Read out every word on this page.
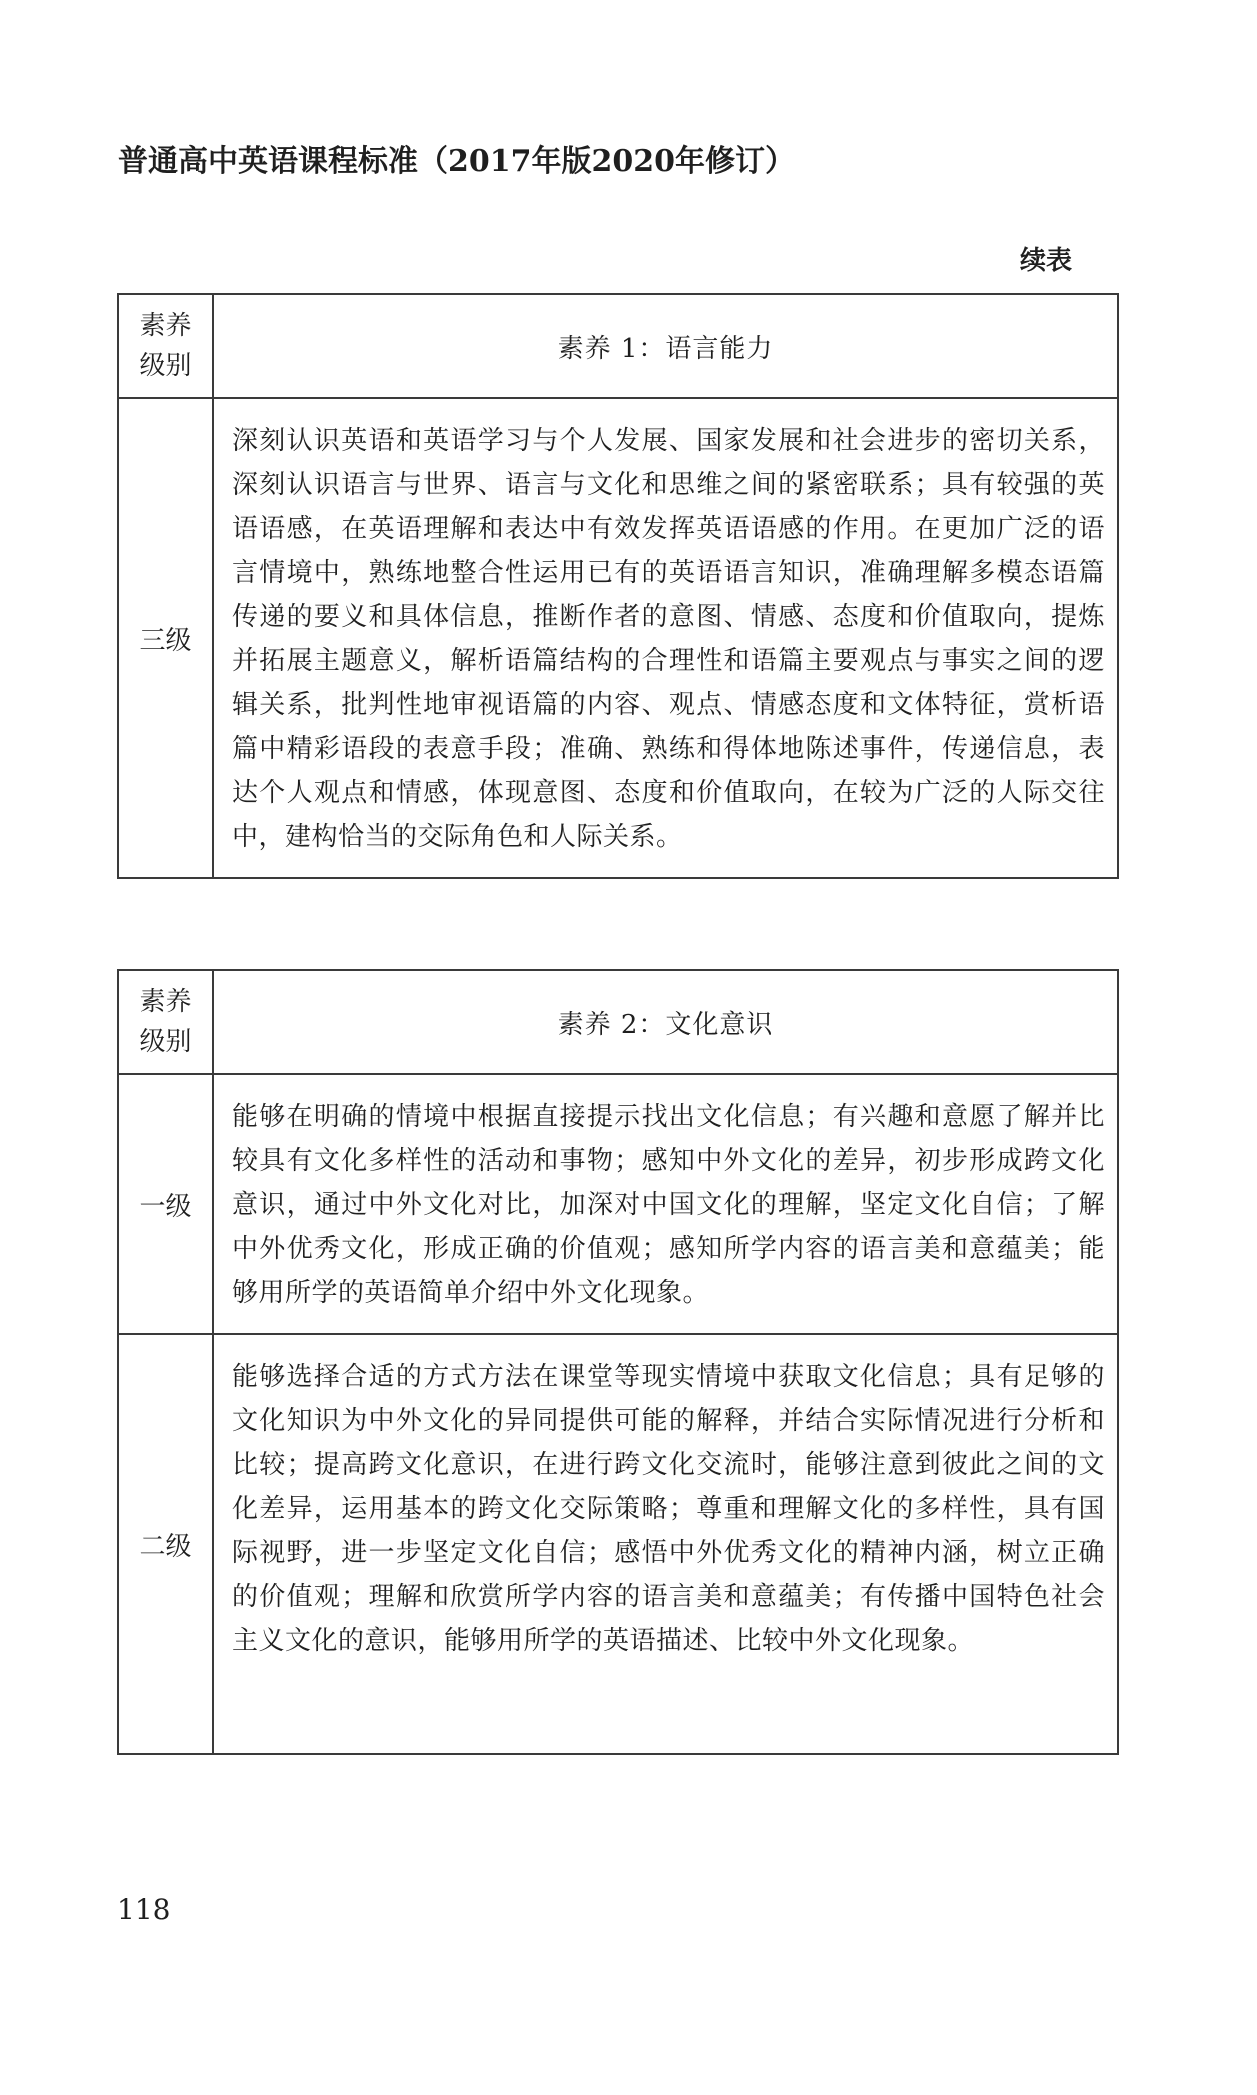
普通高中英语课程标准（2017年版2020年修订）
续表
素养
级别	素养 1：语言能力
三级	深刻认识英语和英语学习与个人发展、国家发展和社会进步的密切关系，深刻认识语言与世界、语言与文化和思维之间的紧密联系；具有较强的英语语感，在英语理解和表达中有效发挥英语语感的作用。在更加广泛的语言情境中，熟练地整合性运用已有的英语语言知识，准确理解多模态语篇传递的要义和具体信息，推断作者的意图、情感、态度和价值取向，提炼并拓展主题意义，解析语篇结构的合理性和语篇主要观点与事实之间的逻辑关系，批判性地审视语篇的内容、观点、情感态度和文体特征，赏析语篇中精彩语段的表意手段；准确、熟练和得体地陈述事件，传递信息，表达个人观点和情感，体现意图、态度和价值取向，在较为广泛的人际交往中，建构恰当的交际角色和人际关系。
素养
级别	素养 2：文化意识
一级	能够在明确的情境中根据直接提示找出文化信息；有兴趣和意愿了解并比较具有文化多样性的活动和事物；感知中外文化的差异，初步形成跨文化意识，通过中外文化对比，加深对中国文化的理解，坚定文化自信；了解中外优秀文化，形成正确的价值观；感知所学内容的语言美和意蕴美；能够用所学的英语简单介绍中外文化现象。
二级	能够选择合适的方式方法在课堂等现实情境中获取文化信息；具有足够的文化知识为中外文化的异同提供可能的解释，并结合实际情况进行分析和比较；提高跨文化意识，在进行跨文化交流时，能够注意到彼此之间的文化差异，运用基本的跨文化交际策略；尊重和理解文化的多样性，具有国际视野，进一步坚定文化自信；感悟中外优秀文化的精神内涵，树立正确的价值观；理解和欣赏所学内容的语言美和意蕴美；有传播中国特色社会主义文化的意识，能够用所学的英语描述、比较中外文化现象。
118
